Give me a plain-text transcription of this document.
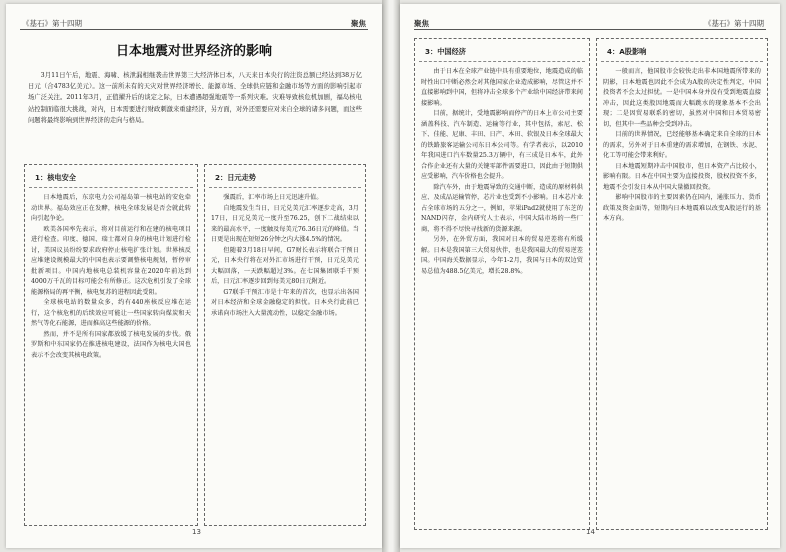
《基石》第十四期	聚焦
日本地震对世界经济的影响

3月11日午后，地震、海啸、核泄漏相继袭击世界第三大经济体日本，八天来日本央行的注资总额已经达到38万亿日元（合4783亿美元）。这一前所未有的天灾对世界经济增长、能源市场、全球供应链和金融市场等方面的影响引起市场广泛关注。2011年3月，正值擢升后的谈定之际，日本遭遇超强地震等一系列灾难。灾难导致核危机加剧，福岛核电站控制面临很大挑战，对内，日本需要进行财政刺激来重建经济，另方面，对外还需要应对来自全球的诸多问题，而这些问题将最终影响到世界经济的走向与格局。

1：核电安全

日本地震后，东京电力公司福岛第一核电站的安危牵动世界。福岛效应正在发酵，核电全球发展是否会就此转向引起争论。

欧美各国率先表示，将对目前运行和在建的核电项目进行检查。印度、德国、瑞士都对自身的核电计划进行检讨，美国议员纷纷要求政府停止核电扩张计划。世界核反应堆建设规模最大的中国也表示要调整核电规划，暂停审批新项目。中国内地核电总装机容量在2020年前达到4000万千瓦的目标可能会有所修正。这次危机引发了全球能源格局的再平衡，核电复苏的进程因此受阻。

全球核电站的数量众多，约有440座核反应堆在运行，这个核危机的后续效应可能让一些国家转向煤炭和天然气等化石能源，进而推高这些能源的价格。

然而，并不是所有国家都放缓了核电发展的步伐。俄罗斯和中东国家仍在推进核电建设，法国作为核电大国也表示不会改变其核电政策。

2：日元走势

强震后，汇率市场上日元迅速升值。

自地震发生当日，日元兑美元汇率逐步走高，3月17日，日元兑美元一度升至76.25，创下二战结束以来的最高水平，一度触及每美元76.36日元的峰值。当日更是出现在短短26分钟之内大涨4.5%的情况。

但随着3月18日早间，G7财长表示将联合干预日元，日本央行将在对外汇市场进行干预，日元兑美元大幅回落，一天跌幅超过3%。在七国集团联手干预后，日元汇率逐步回到每美元80日元附近。

G7联手干预汇市是十年来的首次，也显示出各国对日本经济和全球金融稳定的担忧。日本央行此前已承诺向市场注入大量流动性，以稳定金融市场。

13
聚焦	《基石》第十四期
3：中国经济

由于日本在全球产业链中具有重要地位，地震造成的临时性出口中断必然会对其他国家企业造成影响，尽管这并不直接影响到中国，但将冲击全球多个产业给中国经济带来间接影响。

目前，据统计，受地震影响而停产的日本上市公司主要涵盖科技、汽车制造、运输等行业，其中包括，索尼、松下、佳能、尼康、丰田、日产、本田、软银及日本全球最大的铁路旅客运输公司东日本公司等。有学者表示，以2010年我国进口汽车数量25.3万辆中，有三成是日本车，此外合作企业还有大量的关键零部件需要进口，因此由于短期供应受影响，汽车价格也会提升。

除汽车外，由于地震导致的交通中断，造成的原材料供应、及成品运输管停，芯片业也受到不小影响。日本芯片业占全球市场的五分之一，例如，苹果iPad2就使用了东芝的NAND闪存，金内研究人士表示，中国大陆市场的一些厂商，将不得不尽快寻找新的货源来源。

另外，在外贸方面，我国对日本的贸易逆差将有所缓解。日本是我国第三大贸易伙伴，也是我国最大的贸易逆差国。中国海关数据显示，今年1-2月，我国与日本的双边贸易总值为488.5亿美元，增长28.8%。

4：A股影响

一般而言，他国股市会较快走出非本国地震所带来的阴影，日本地震也因此不会成为A股的决定性判定，中国投资者不会太过担忧。一是中国本身并没有受到地震直接冲击，因此这类股因地震而大幅跳水的现象基本不会出现；二是因贸易联系的密切，虽然对中国和日本贸易密切，但其中一些品种会受到冲击。

目前的世界情况，已经能够基本确定来自全球的日本的需求，另外对于日本重建的需求增加，在钢铁、水泥、化工等可能会带来利好。

日本地震短期冲击中国股市，但日本资产占比较小，影响有限。日本在中国主要为直接投资，股权投资不多，地震不会引发日本从中国大量撤回投资。

影响中国股市的主要因素仍在国内，通胀压力、货币政策及资金面等，短期内日本地震难以改变A股运行的基本方向。

14
